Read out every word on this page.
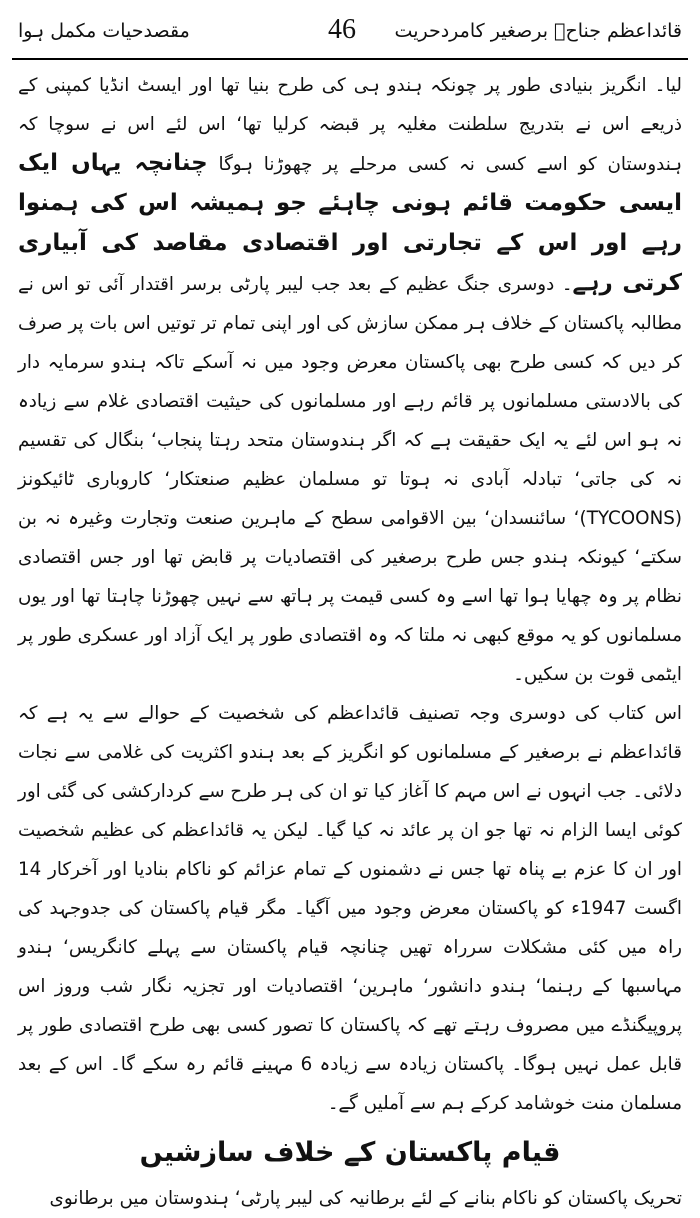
قائداعظم جناحؒ برصغیر کامردحریت
46
مقصدحیات مکمل ہوا

لیا۔ انگریز بنیادی طور پر چونکہ ہندو ہی کی طرح بنیا تھا اور ایسٹ انڈیا کمپنی کے ذریعے اس نے بتدریج سلطنت مغلیہ پر قبضہ کرلیا تھا‘ اس لئے اس نے سوچا کہ ہندوستان کو اسے کسی نہ کسی مرحلے پر چھوڑنا ہوگا چنانچہ یہاں ایک ایسی حکومت قائم ہونی چاہئے جو ہمیشہ اس کی ہمنوا رہے اور اس کے تجارتی اور اقتصادی مقاصد کی آبیاری کرتی رہے۔ دوسری جنگ عظیم کے بعد جب لیبر پارٹی برسر اقتدار آئی تو اس نے مطالبہ پاکستان کے خلاف ہر ممکن سازش کی اور اپنی تمام تر توتیں اس بات پر صرف کر دیں کہ کسی طرح بھی پاکستان معرض وجود میں نہ آسکے تاکہ ہندو سرمایہ دار کی بالادستی مسلمانوں پر قائم رہے اور مسلمانوں کی حیثیت اقتصادی غلام سے زیادہ نہ ہو اس لئے یہ ایک حقیقت ہے کہ اگر ہندوستان متحد رہتا پنجاب‘ بنگال کی تقسیم نہ کی جاتی‘ تبادلہ آبادی نہ ہوتا تو مسلمان عظیم صنعتکار‘ کاروباری ٹائیکونز (TYCOONS)‘ سائنسدان‘ بین الاقوامی سطح کے ماہرین صنعت وتجارت وغیرہ نہ بن سکتے‘ کیونکہ ہندو جس طرح برصغیر کی اقتصادیات پر قابض تھا اور جس اقتصادی نظام پر وہ چھایا ہوا تھا اسے وہ کسی قیمت پر ہاتھ سے نہیں چھوڑنا چاہتا تھا اور یوں مسلمانوں کو یہ موقع کبھی نہ ملتا کہ وہ اقتصادی طور پر ایک آزاد اور عسکری طور پر ایٹمی قوت بن سکیں۔

اس کتاب کی دوسری وجہ تصنیف قائداعظم کی شخصیت کے حوالے سے یہ ہے کہ قائداعظم نے برصغیر کے مسلمانوں کو انگریز کے بعد ہندو اکثریت کی غلامی سے نجات دلائی۔ جب انہوں نے اس مہم کا آغاز کیا تو ان کی ہر طرح سے کردارکشی کی گئی اور کوئی ایسا الزام نہ تھا جو ان پر عائد نہ کیا گیا۔ لیکن یہ قائداعظم کی عظیم شخصیت اور ان کا عزم بے پناہ تھا جس نے دشمنوں کے تمام عزائم کو ناکام بنادیا اور آخرکار 14 اگست 1947ء کو پاکستان معرض وجود میں آگیا۔ مگر قیام پاکستان کی جدوجہد کی راہ میں کئی مشکلات سرراہ تھیں چنانچہ قیام پاکستان سے پہلے کانگریس‘ ہندو مہاسبھا کے رہنما‘ ہندو دانشور‘ ماہرین‘ اقتصادیات اور تجزیہ نگار شب وروز اس پروپیگنڈے میں مصروف رہتے تھے کہ پاکستان کا تصور کسی بھی طرح اقتصادی طور پر قابل عمل نہیں ہوگا۔ پاکستان زیادہ سے زیادہ 6 مہینے قائم رہ سکے گا۔ اس کے بعد مسلمان منت خوشامد کرکے ہم سے آملیں گے۔

قیام پاکستان کے خلاف سازشیں

تحریک پاکستان کو ناکام بنانے کے لئے برطانیہ کی لیبر پارٹی‘ ہندوستان میں برطانوی
